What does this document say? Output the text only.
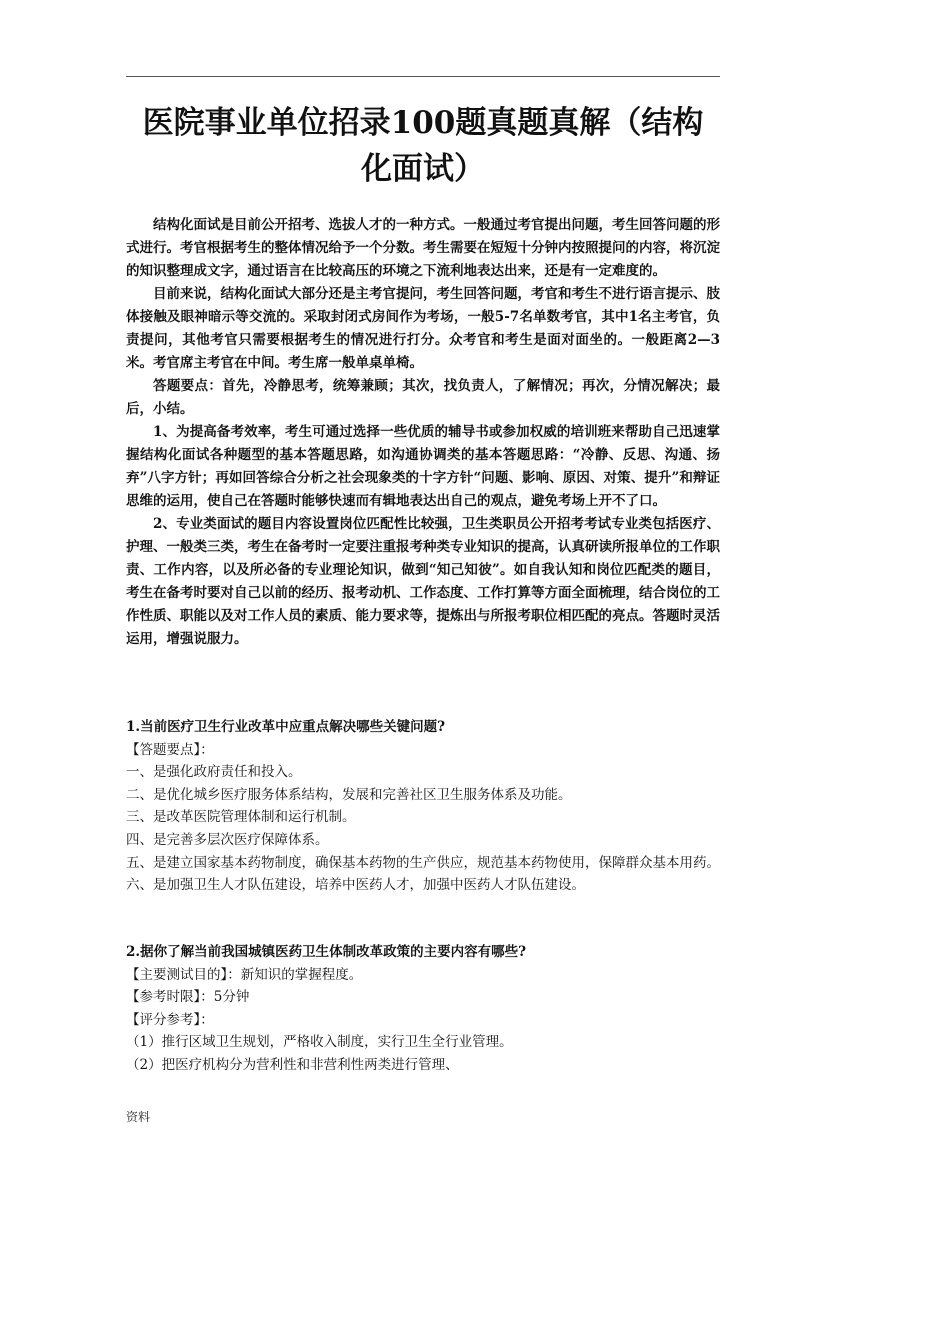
医院事业单位招录100题真题真解（结构
化面试）

结构化面试是目前公开招考、选拔人才的一种方式。一般通过考官提出问题，考生回答问题的形式进行。考官根据考生的整体情况给予一个分数。考生需要在短短十分钟内按照提问的内容，将沉淀的知识整理成文字，通过语言在比较高压的环境之下流利地表达出来，还是有一定难度的。

目前来说，结构化面试大部分还是主考官提问，考生回答问题，考官和考生不进行语言提示、肢体接触及眼神暗示等交流的。采取封闭式房间作为考场，一般5-7名单数考官，其中1名主考官，负责提问，其他考官只需要根据考生的情况进行打分。众考官和考生是面对面坐的。一般距离2—3米。考官席主考官在中间。考生席一般单桌单椅。

答题要点：首先，冷静思考，统筹兼顾；其次，找负责人，了解情况；再次，分情况解决；最后，小结。

1、为提高备考效率，考生可通过选择一些优质的辅导书或参加权威的培训班来帮助自己迅速掌握结构化面试各种题型的基本答题思路，如沟通协调类的基本答题思路：“冷静、反思、沟通、扬弃”八字方针；再如回答综合分析之社会现象类的十字方针“问题、影响、原因、对策、提升”和辩证思维的运用，使自己在答题时能够快速而有辑地表达出自己的观点，避免考场上开不了口。

2、专业类面试的题目内容设置岗位匹配性比较强，卫生类职员公开招考考试专业类包括医疗、护理、一般类三类，考生在备考时一定要注重报考种类专业知识的提高，认真研读所报单位的工作职责、工作内容，以及所必备的专业理论知识，做到“知己知彼”。如自我认知和岗位匹配类的题目，考生在备考时要对自己以前的经历、报考动机、工作态度、工作打算等方面全面梳理，结合岗位的工作性质、职能以及对工作人员的素质、能力要求等，提炼出与所报考职位相匹配的亮点。答题时灵活运用，增强说服力。

1.当前医疗卫生行业改革中应重点解决哪些关键问题?

【答题要点】：

一、是强化政府责任和投入。

二、是优化城乡医疗服务体系结构，发展和完善社区卫生服务体系及功能。

三、是改革医院管理体制和运行机制。

四、是完善多层次医疗保障体系。

五、是建立国家基本药物制度，确保基本药物的生产供应，规范基本药物使用，保障群众基本用药。

六、是加强卫生人才队伍建设，培养中医药人才，加强中医药人才队伍建设。

2.据你了解当前我国城镇医药卫生体制改革政策的主要内容有哪些?

【主要测试目的】：新知识的掌握程度。

【参考时限】：5分钟

【评分参考】：

（1）推行区域卫生规划，严格收入制度，实行卫生全行业管理。

（2）把医疗机构分为营利性和非营利性两类进行管理、

资料
